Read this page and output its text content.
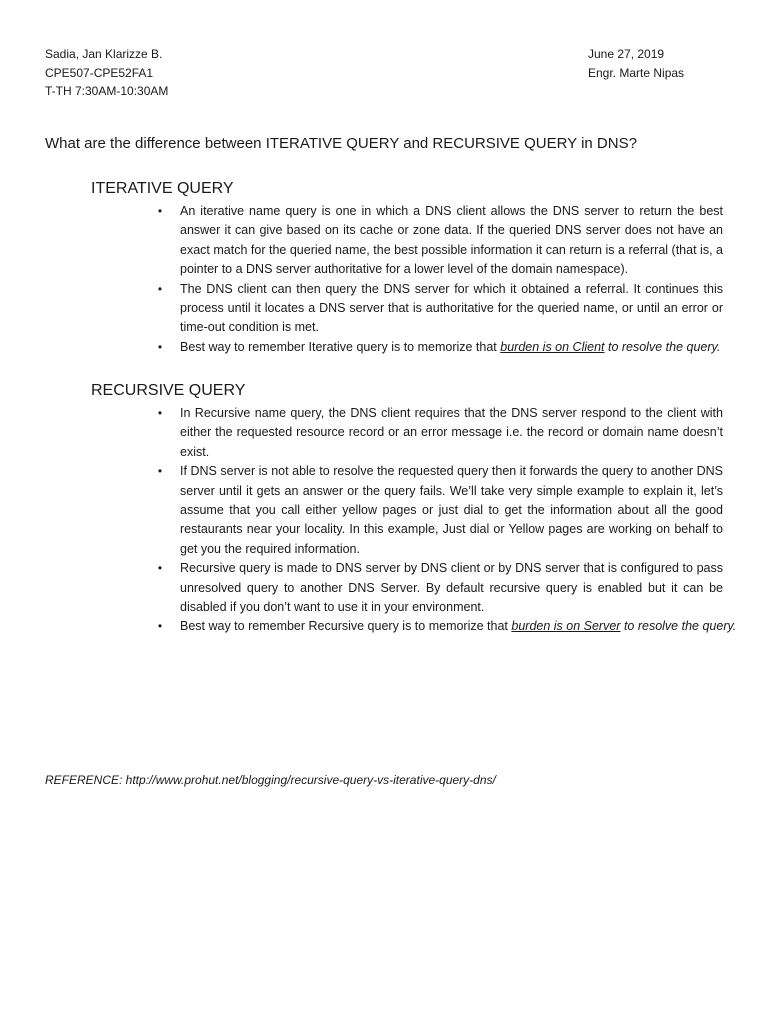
Sadia, Jan Klarizze B.
CPE507-CPE52FA1
T-TH 7:30AM-10:30AM
June 27, 2019
Engr. Marte Nipas
What are the difference between ITERATIVE QUERY and RECURSIVE QUERY in DNS?
ITERATIVE QUERY
• An iterative name query is one in which a DNS client allows the DNS server to return the best answer it can give based on its cache or zone data. If the queried DNS server does not have an exact match for the queried name, the best possible information it can return is a referral (that is, a pointer to a DNS server authoritative for a lower level of the domain namespace).
• The DNS client can then query the DNS server for which it obtained a referral. It continues this process until it locates a DNS server that is authoritative for the queried name, or until an error or time-out condition is met.
• Best way to remember Iterative query is to memorize that burden is on Client to resolve the query.
RECURSIVE QUERY
• In Recursive name query, the DNS client requires that the DNS server respond to the client with either the requested resource record or an error message i.e. the record or domain name doesn’t exist.
• If DNS server is not able to resolve the requested query then it forwards the query to another DNS server until it gets an answer or the query fails. We’ll take very simple example to explain it, let’s assume that you call either yellow pages or just dial to get the information about all the good restaurants near your locality. In this example, Just dial or Yellow pages are working on behalf to get you the required information.
• Recursive query is made to DNS server by DNS client or by DNS server that is configured to pass unresolved query to another DNS Server. By default recursive query is enabled but it can be disabled if you don’t want to use it in your environment.
• Best way to remember Recursive query is to memorize that burden is on Server to resolve the query.
REFERENCE: http://www.prohut.net/blogging/recursive-query-vs-iterative-query-dns/
